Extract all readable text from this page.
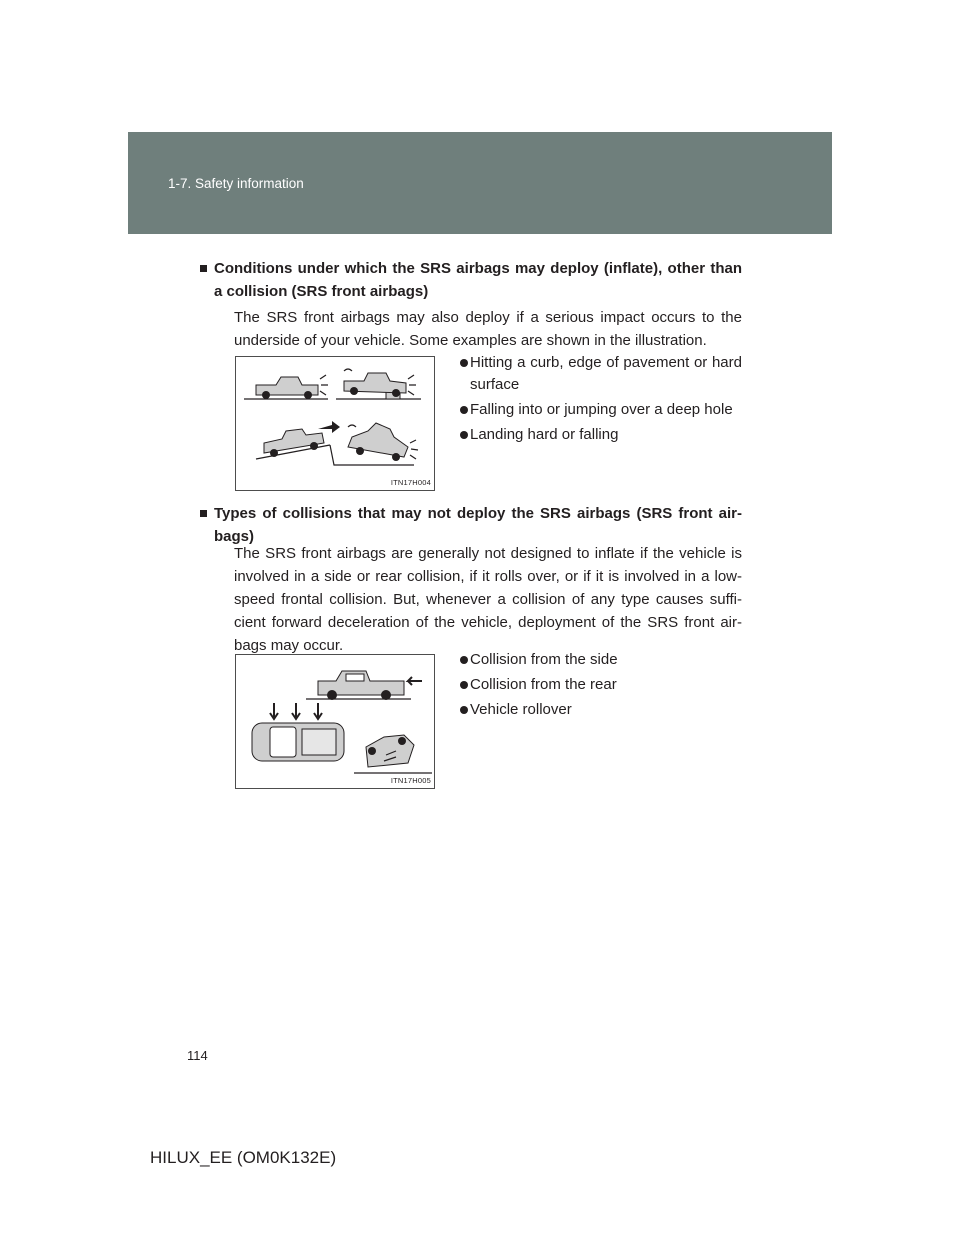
1-7. Safety information
Conditions under which the SRS airbags may deploy (inflate), other than a collision (SRS front airbags)
The SRS front airbags may also deploy if a serious impact occurs to the underside of your vehicle. Some examples are shown in the illustration.
ITN17H004
Hitting a curb, edge of pavement or hard surface
Falling into or jumping over a deep hole
Landing hard or falling
Types of collisions that may not deploy the SRS airbags (SRS front air-bags)
The SRS front airbags are generally not designed to inflate if the vehicle is involved in a side or rear collision, if it rolls over, or if it is involved in a low-speed frontal collision. But, whenever a collision of any type causes suffi-cient forward deceleration of the vehicle, deployment of the SRS front air-bags may occur.
ITN17H005
Collision from the side
Collision from the rear
Vehicle rollover
114
HILUX_EE (OM0K132E)
